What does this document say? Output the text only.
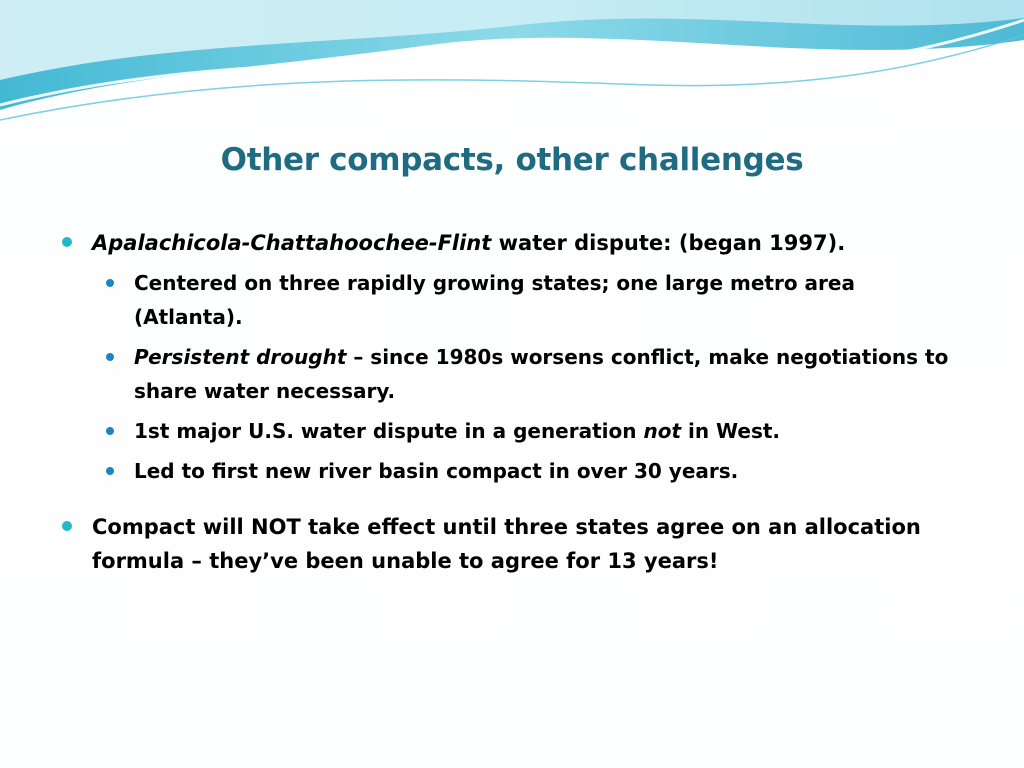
Other compacts, other challenges
Apalachicola-Chattahoochee-Flint water dispute: (began 1997).
Centered on three rapidly growing states; one large metro area (Atlanta).
Persistent drought – since 1980s worsens conflict, make negotiations to share water necessary.
1st major U.S. water dispute in a generation not in West.
Led to first new river basin compact in over 30 years.
Compact will NOT take effect until three states agree on an allocation formula – they’ve been unable to agree for 13 years!
